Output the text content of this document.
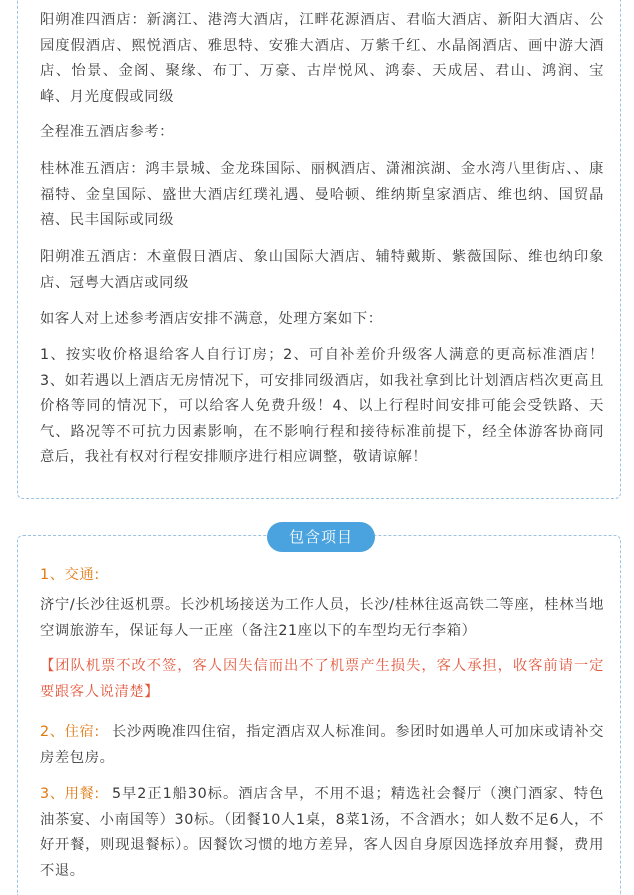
阳朔准四酒店：新漓江、港湾大酒店，江畔花源酒店、君临大酒店、新阳大酒店、公园度假酒店、熙悦酒店、雅思特、安雅大酒店、万紫千红、水晶阁酒店、画中游大酒店、怡景、金阁、聚缘、布丁、万豪、古岸悦风、鸿泰、天成居、君山、鸿润、宝峰、月光度假或同级

全程准五酒店参考：

桂林准五酒店：鸿丰景城、金龙珠国际、丽枫酒店、潇湘滨湖、金水湾八里街店、、康福特、金皇国际、盛世大酒店红璞礼遇、曼哈顿、维纳斯皇家酒店、维也纳、国贸晶禧、民丰国际或同级

阳朔准五酒店：木童假日酒店、象山国际大酒店、辅特戴斯、紫薇国际、维也纳印象店、冠粤大酒店或同级

如客人对上述参考酒店安排不满意，处理方案如下：

1、按实收价格退给客人自行订房；2、可自补差价升级客人满意的更高标准酒店！3、如若遇以上酒店无房情况下，可安排同级酒店，如我社拿到比计划酒店档次更高且价格等同的情况下，可以给客人免费升级！4、以上行程时间安排可能会受铁路、天气、路况等不可抗力因素影响，在不影响行程和接待标准前提下，经全体游客协商同意后，我社有权对行程安排顺序进行相应调整，敬请谅解！

包含项目

1、交通:

济宁/长沙往返机票。长沙机场接送为工作人员，长沙/桂林往返高铁二等座，桂林当地空调旅游车，保证每人一正座（备注21座以下的车型均无行李箱）

【团队机票不改不签，客人因失信而出不了机票产生损失，客人承担，收客前请一定要跟客人说清楚】

长沙两晚准四住宿，指定酒店双人标准间。参团时如遇单人可加床或请补交房差包房。

2、住宿:

5早2正1船30标。酒店含早，不用不退；精选社会餐厅（澳门酒家、特色油茶宴、小南国等）30标。（团餐10人1桌，8菜1汤，不含酒水；如人数不足6人，不好开餐，则现退餐标）。因餐饮习惯的地方差异，客人因自身原因选择放弃用餐，费用不退。

3、用餐:
